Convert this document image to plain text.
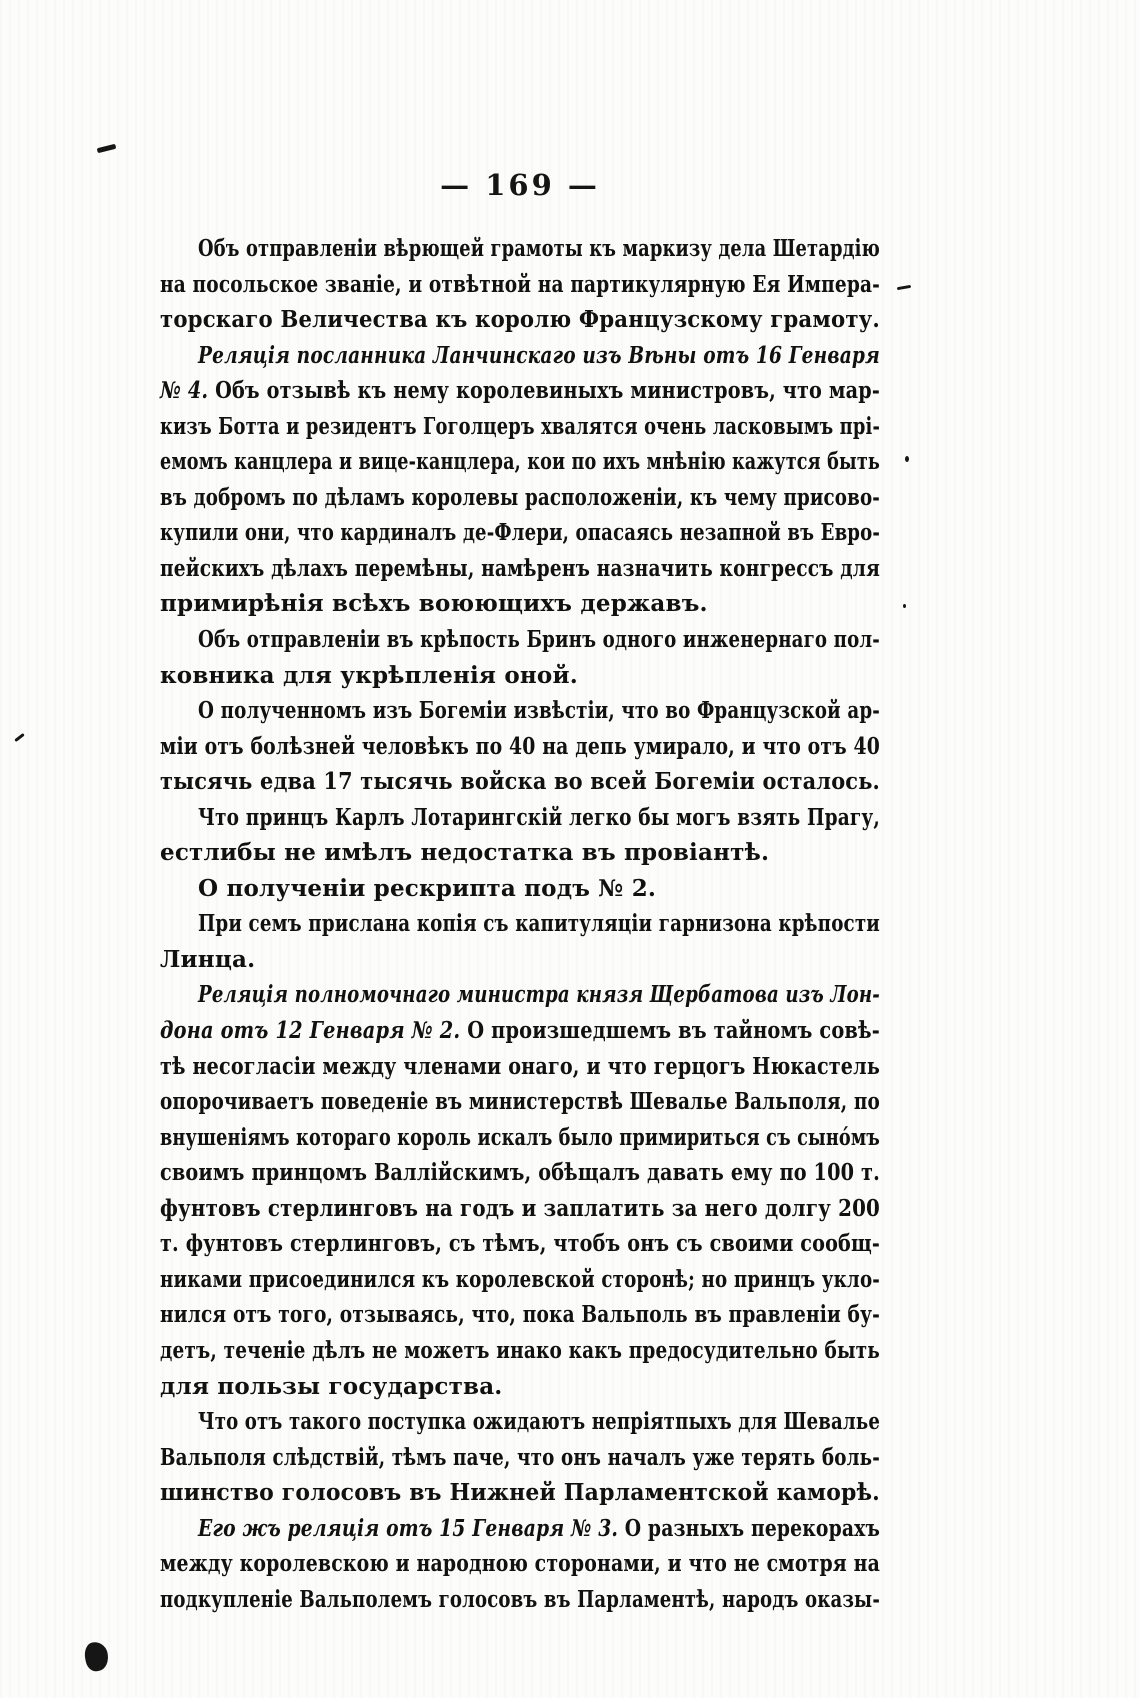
— 169 —
Объ отправленіи вѣрющей грамоты къ маркизу дела Шетардію
на посольское званіе, и отвѣтной на партикулярную Ея Импера-
торскаго Величества къ королю Французскому грамоту.
Реляція посланника Ланчинскаго изъ Вѣны отъ 16 Генваря
№ 4. Объ отзывѣ къ нему королевиныхъ министровъ, что мар-
кизъ Ботта и резидентъ Гоголцеръ хвалятся очень ласковымъ прі-
емомъ канцлера и вице-канцлера, кои по ихъ мнѣнію кажутся быть
въ добромъ по дѣламъ королевы расположеніи, къ чему присово-
купили они, что кардиналъ де-Флери, опасаясь незапной въ Евро-
пейскихъ дѣлахъ перемѣны, намѣренъ назначить конгрессъ для
примирѣнія всѣхъ воюющихъ державъ.
Объ отправленіи въ крѣпость Бринъ одного инженернаго пол-
ковника для укрѣпленія оной.
О полученномъ изъ Богеміи извѣстіи, что во Французской ар-
міи отъ болѣзней человѣкъ по 40 на депь умирало, и что отъ 40
тысячь едва 17 тысячь войска во всей Богеміи осталось.
Что принцъ Карлъ Лотарингскій легко бы могъ взять Прагу,
естлибы не имѣлъ недостатка въ провіантѣ.
О полученіи рескрипта подъ № 2.
При семъ прислана копія съ капитуляціи гарнизона крѣпости
Линца.
Реляція полномочнаго министра князя Щербатова изъ Лон-
дона отъ 12 Генваря № 2. О произшедшемъ въ тайномъ совѣ-
тѣ несогласіи между членами онаго, и что герцогъ Нюкастель
опорочиваетъ поведеніе въ министерствѣ Шевалье Вальполя, по
внушеніямъ котораго король искалъ было примириться съ сынóмъ
своимъ принцомъ Валлійскимъ, обѣщалъ давать ему по 100 т.
фунтовъ стерлинговъ на годъ и заплатить за него долгу 200
т. фунтовъ стерлинговъ, съ тѣмъ, чтобъ онъ съ своими сообщ-
никами присоединился къ королевской сторонѣ; но принцъ укло-
нился отъ того, отзываясь, что, пока Вальполь въ правленіи бу-
детъ, теченіе дѣлъ не можетъ инако какъ предосудительно быть
для пользы государства.
Что отъ такого поступка ожидаютъ непріятпыхъ для Шевалье
Вальполя слѣдствій, тѣмъ паче, что онъ началъ уже терять боль-
шинство голосовъ въ Нижней Парламентской каморѣ.
Его жъ реляція отъ 15 Генваря № 3. О разныхъ перекорахъ
между королевскою и народною сторонами, и что не смотря на
подкупленіе Вальполемъ голосовъ въ Парламентѣ, народъ оказы-
